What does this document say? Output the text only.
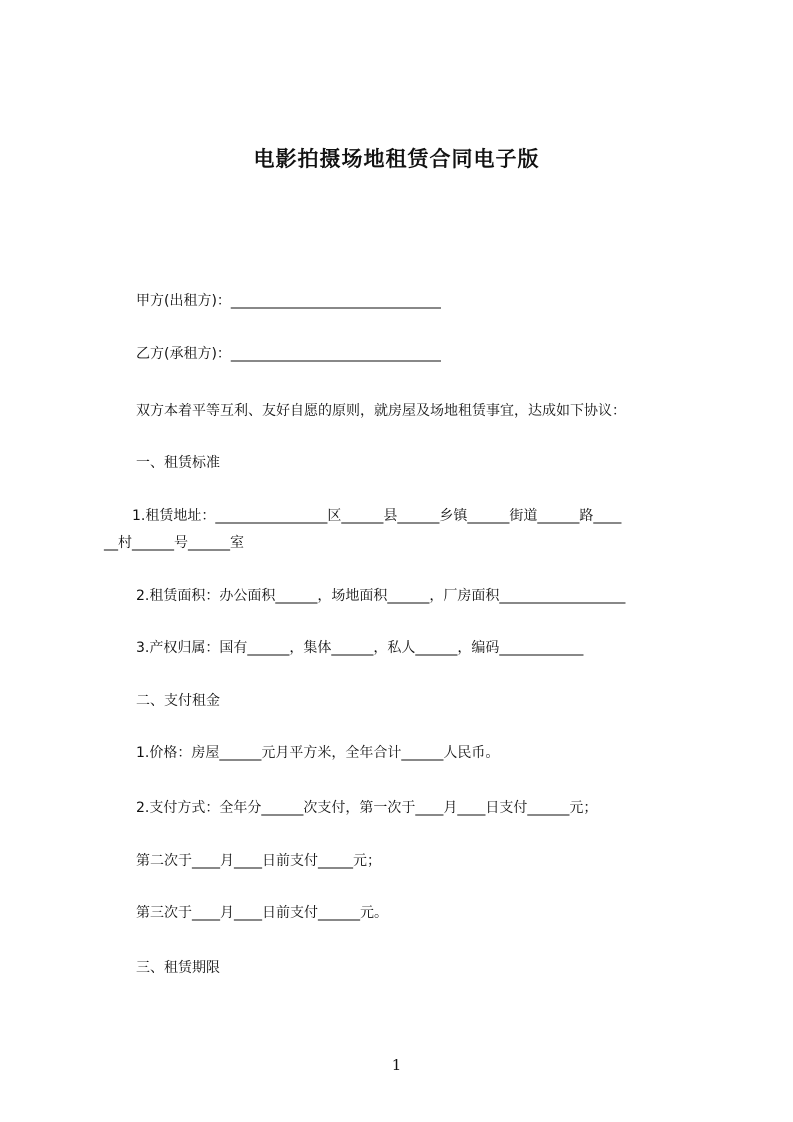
电影拍摄场地租赁合同电子版
甲方(出租方)：______________________________
乙方(承租方)：______________________________
双方本着平等互利、友好自愿的原则，就房屋及场地租赁事宜，达成如下协议：
一、租赁标准
1.租赁地址：________________区______县______乡镇______街道______路____
__村______号______室
2.租赁面积：办公面积______，场地面积______，厂房面积__________________
3.产权归属：国有______，集体______，私人______，编码____________
二、支付租金
1.价格：房屋______元月平方米，全年合计______人民币。
2.支付方式：全年分______次支付，第一次于____月____日支付______元；
第二次于____月____日前支付_____元；
第三次于____月____日前支付______元。
三、租赁期限
1
